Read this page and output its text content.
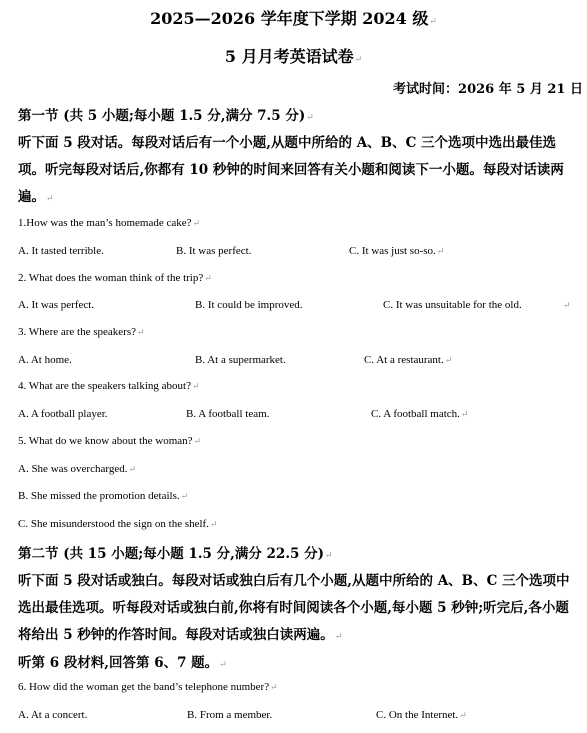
2025—2026 学年度下学期 2024 级↵
5 月月考英语试卷↵
考试时间：2026 年 5 月 21 日
第一节 (共 5 小题;每小题 1.5 分,满分 7.5 分)↵
听下面 5 段对话。每段对话后有一个小题,从题中所给的 A、B、C 三个选项中选出最佳选
项。听完每段对话后,你都有 10 秒钟的时间来回答有关小题和阅读下一小题。每段对话读两
遍。↵
1.How was the man’s homemade cake?↵
A. It tasted terrible.	B. It was perfect.	C. It was just so-so.↵
2. What does the woman think of the trip?↵
A. It was perfect.	B. It could be improved.	C. It was unsuitable for the old.	↵
3. Where are the speakers?↵
A. At home.	B. At a supermarket.	C. At a restaurant.↵
4. What are the speakers talking about?↵
A. A football player.	B. A football team.	C. A football match.↵
5. What do we know about the woman?↵
A. She was overcharged.↵
B. She missed the promotion details.↵
C. She misunderstood the sign on the shelf.↵
第二节 (共 15 小题;每小题 1.5 分,满分 22.5 分)↵
听下面 5 段对话或独白。每段对话或独白后有几个小题,从题中所给的 A、B、C 三个选项中
选出最佳选项。听每段对话或独白前,你将有时间阅读各个小题,每小题 5 秒钟;听完后,各小题
将给出 5 秒钟的作答时间。每段对话或独白读两遍。↵
听第 6 段材料,回答第 6、7 题。↵
6. How did the woman get the band’s telephone number?↵
A. At a concert.	B. From a member.	C. On the Internet.↵
